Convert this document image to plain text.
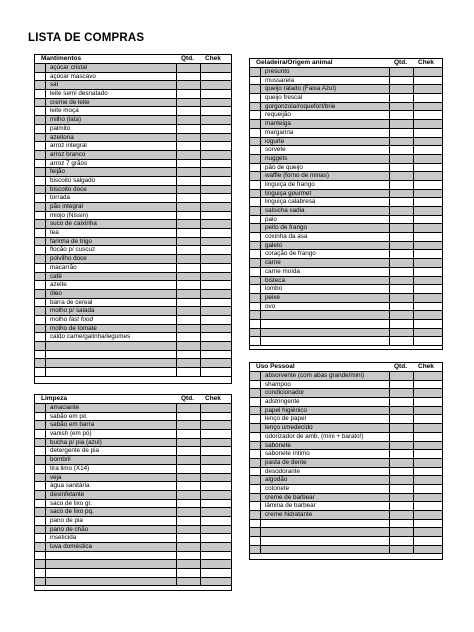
LISTA DE COMPRAS
Mantimentos	Qtd. Chek
açúcar cristal
açúcar mascavo
sal
leite semi desnatado
creme de leite
leite moça
milho (lata)
palmito
azeitona
arroz integral
arroz branco
arroz 7 grãos
feijão
biscoito salgado
biscoito doce
torrada
pão integral
miojo (Nissin)
suco de caixinha
tea
farinha de trigo
flocão p/ cuscuz
polvilho doce
macarrão
café
azeite
óleo
barra de cereal
molho p/ salada
molho fast food
molho de tomate
caldo carne/galinha/legumes
Limpeza	Qtd. Chek
amaciante
sabão em pó
sabão em barra
vanish (em pó)
bucha p/ pia (azul)
detergente de pia
bombril
tira limo (X14)
veja
água sanitária
desinfetante
saco de lixo gr.
saco de lixo pq.
pano de pia
pano de chão
inseticida
luva doméstica
Geladeira/Origem animal	Qtd. Chek
presunto
mussarela
queijo ralado (Faixa Azul)
queijo frescal
gorgonzola/roquefort/brie
requeijão
manteiga
margarina
iogurte
sorvete
nuggets
pão de queijo
waffle (forno de minas)
linguiça de frango
linguiça gourmet
linguiça calabresa
salsicha sadia
paio
peito de frango
coxinha da asa
galeto
coração de frango
carne
carne moída
bisteca
lombo
peixe
ovo
Uso Pessoal	Qtd. Chek
absorvente (com abas grande/mini)
shampoo
condicionador
adstringente
papel higiênico
lenço de papel
lenço umedecido
odorizador de amb. (mini + barato!)
sabonete
sabonete íntimo
pasta de dente
desodorante
algodão
cotonete
creme de barbear
lâmina de barbear
creme hidratante
